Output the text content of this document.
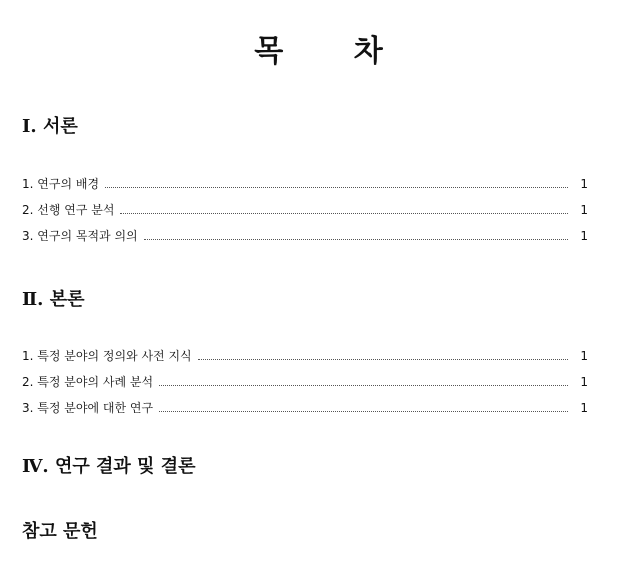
목 차
Ⅰ. 서론
1. 연구의 배경	1
2. 선행 연구 분석	1
3. 연구의 목적과 의의	1
Ⅱ. 본론
1. 특정 분야의 정의와 사전 지식	1
2. 특정 분야의 사례 분석	1
3. 특정 분야에 대한 연구	1
Ⅳ. 연구 결과 및 결론
참고 문헌
